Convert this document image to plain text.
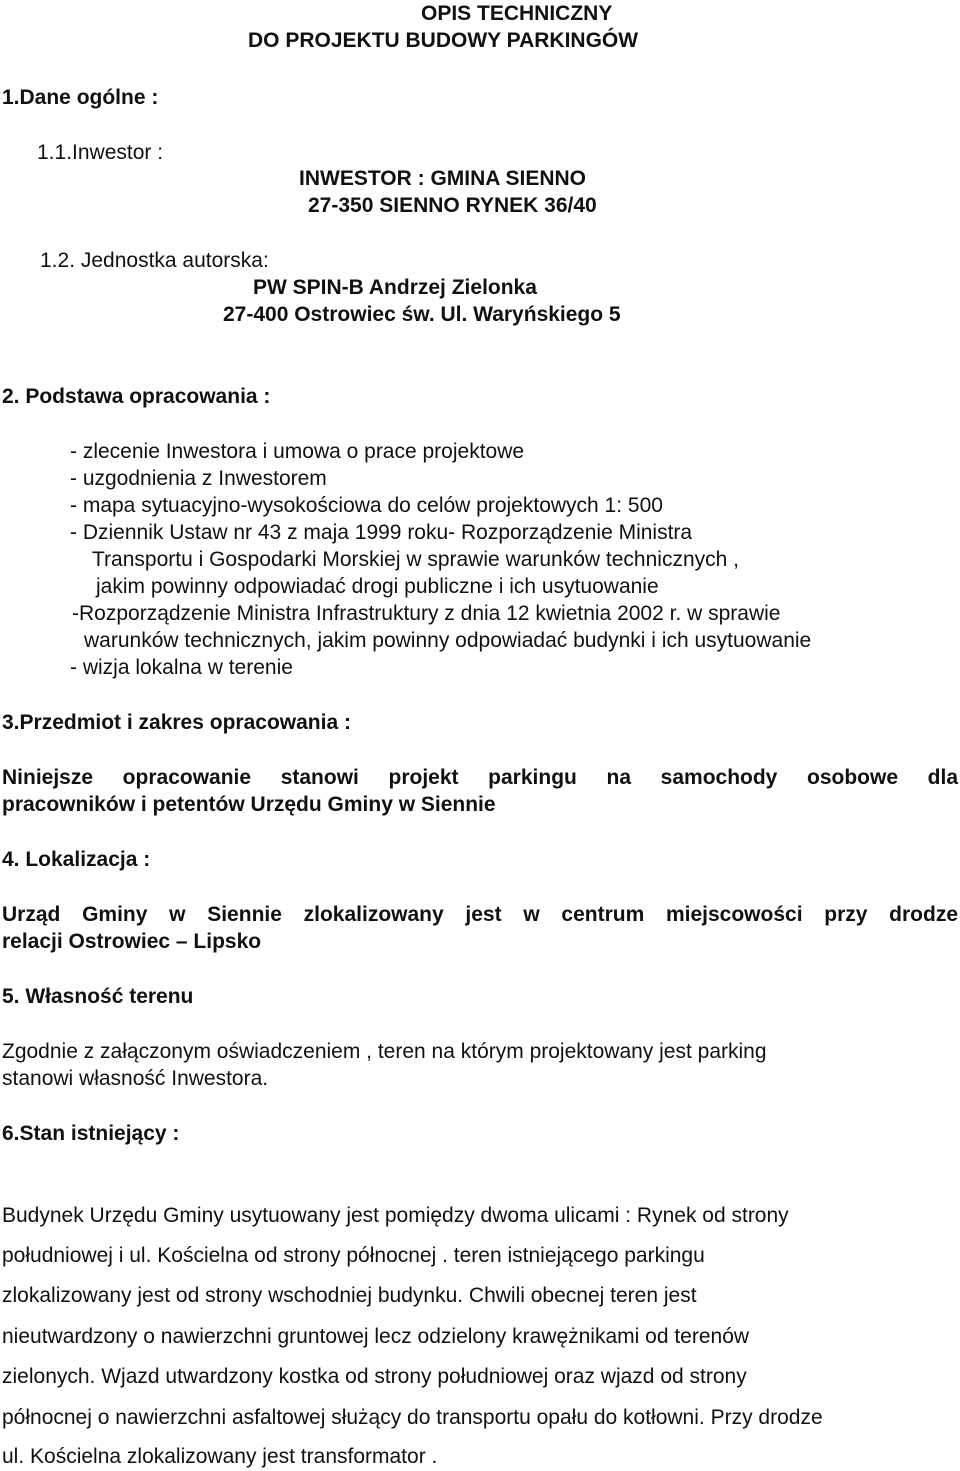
OPIS TECHNICZNY

DO PROJEKTU BUDOWY PARKINGÓW

1.Dane ogólne :

1.1.Inwestor :

INWESTOR : GMINA SIENNO

27-350 SIENNO RYNEK 36/40

1.2. Jednostka autorska:

PW SPIN-B Andrzej Zielonka

27-400 Ostrowiec św. Ul. Waryńskiego 5

2. Podstawa opracowania :

- zlecenie Inwestora i umowa o prace projektowe

- uzgodnienia z Inwestorem

- mapa sytuacyjno-wysokościowa do celów projektowych 1: 500

- Dziennik Ustaw nr 43 z maja 1999 roku- Rozporządzenie Ministra

Transportu i Gospodarki Morskiej w sprawie warunków technicznych ,

jakim powinny odpowiadać drogi publiczne i ich usytuowanie

-Rozporządzenie Ministra Infrastruktury z dnia 12 kwietnia 2002 r. w sprawie

warunków technicznych, jakim powinny odpowiadać budynki i ich usytuowanie

- wizja lokalna w terenie

3.Przedmiot i zakres opracowania :

Niniejsze opracowanie stanowi projekt parkingu na samochody osobowe dla

pracowników i petentów Urzędu Gminy w Siennie

4. Lokalizacja :

Urząd Gminy w Siennie zlokalizowany jest w centrum miejscowości przy drodze

relacji Ostrowiec – Lipsko

5. Własność terenu

Zgodnie z załączonym oświadczeniem , teren na którym projektowany jest parking

stanowi własność Inwestora.

6.Stan istniejący :

Budynek Urzędu Gminy usytuowany jest pomiędzy dwoma ulicami : Rynek od strony

południowej i ul. Kościelna od strony północnej . teren istniejącego parkingu

zlokalizowany jest od strony wschodniej budynku. Chwili obecnej teren jest

nieutwardzony o nawierzchni gruntowej lecz odzielony krawężnikami od terenów

zielonych. Wjazd utwardzony kostka od strony południowej oraz wjazd od strony

północnej o nawierzchni asfaltowej służący do transportu opału do kotłowni. Przy drodze

ul. Kościelna zlokalizowany jest transformator .
